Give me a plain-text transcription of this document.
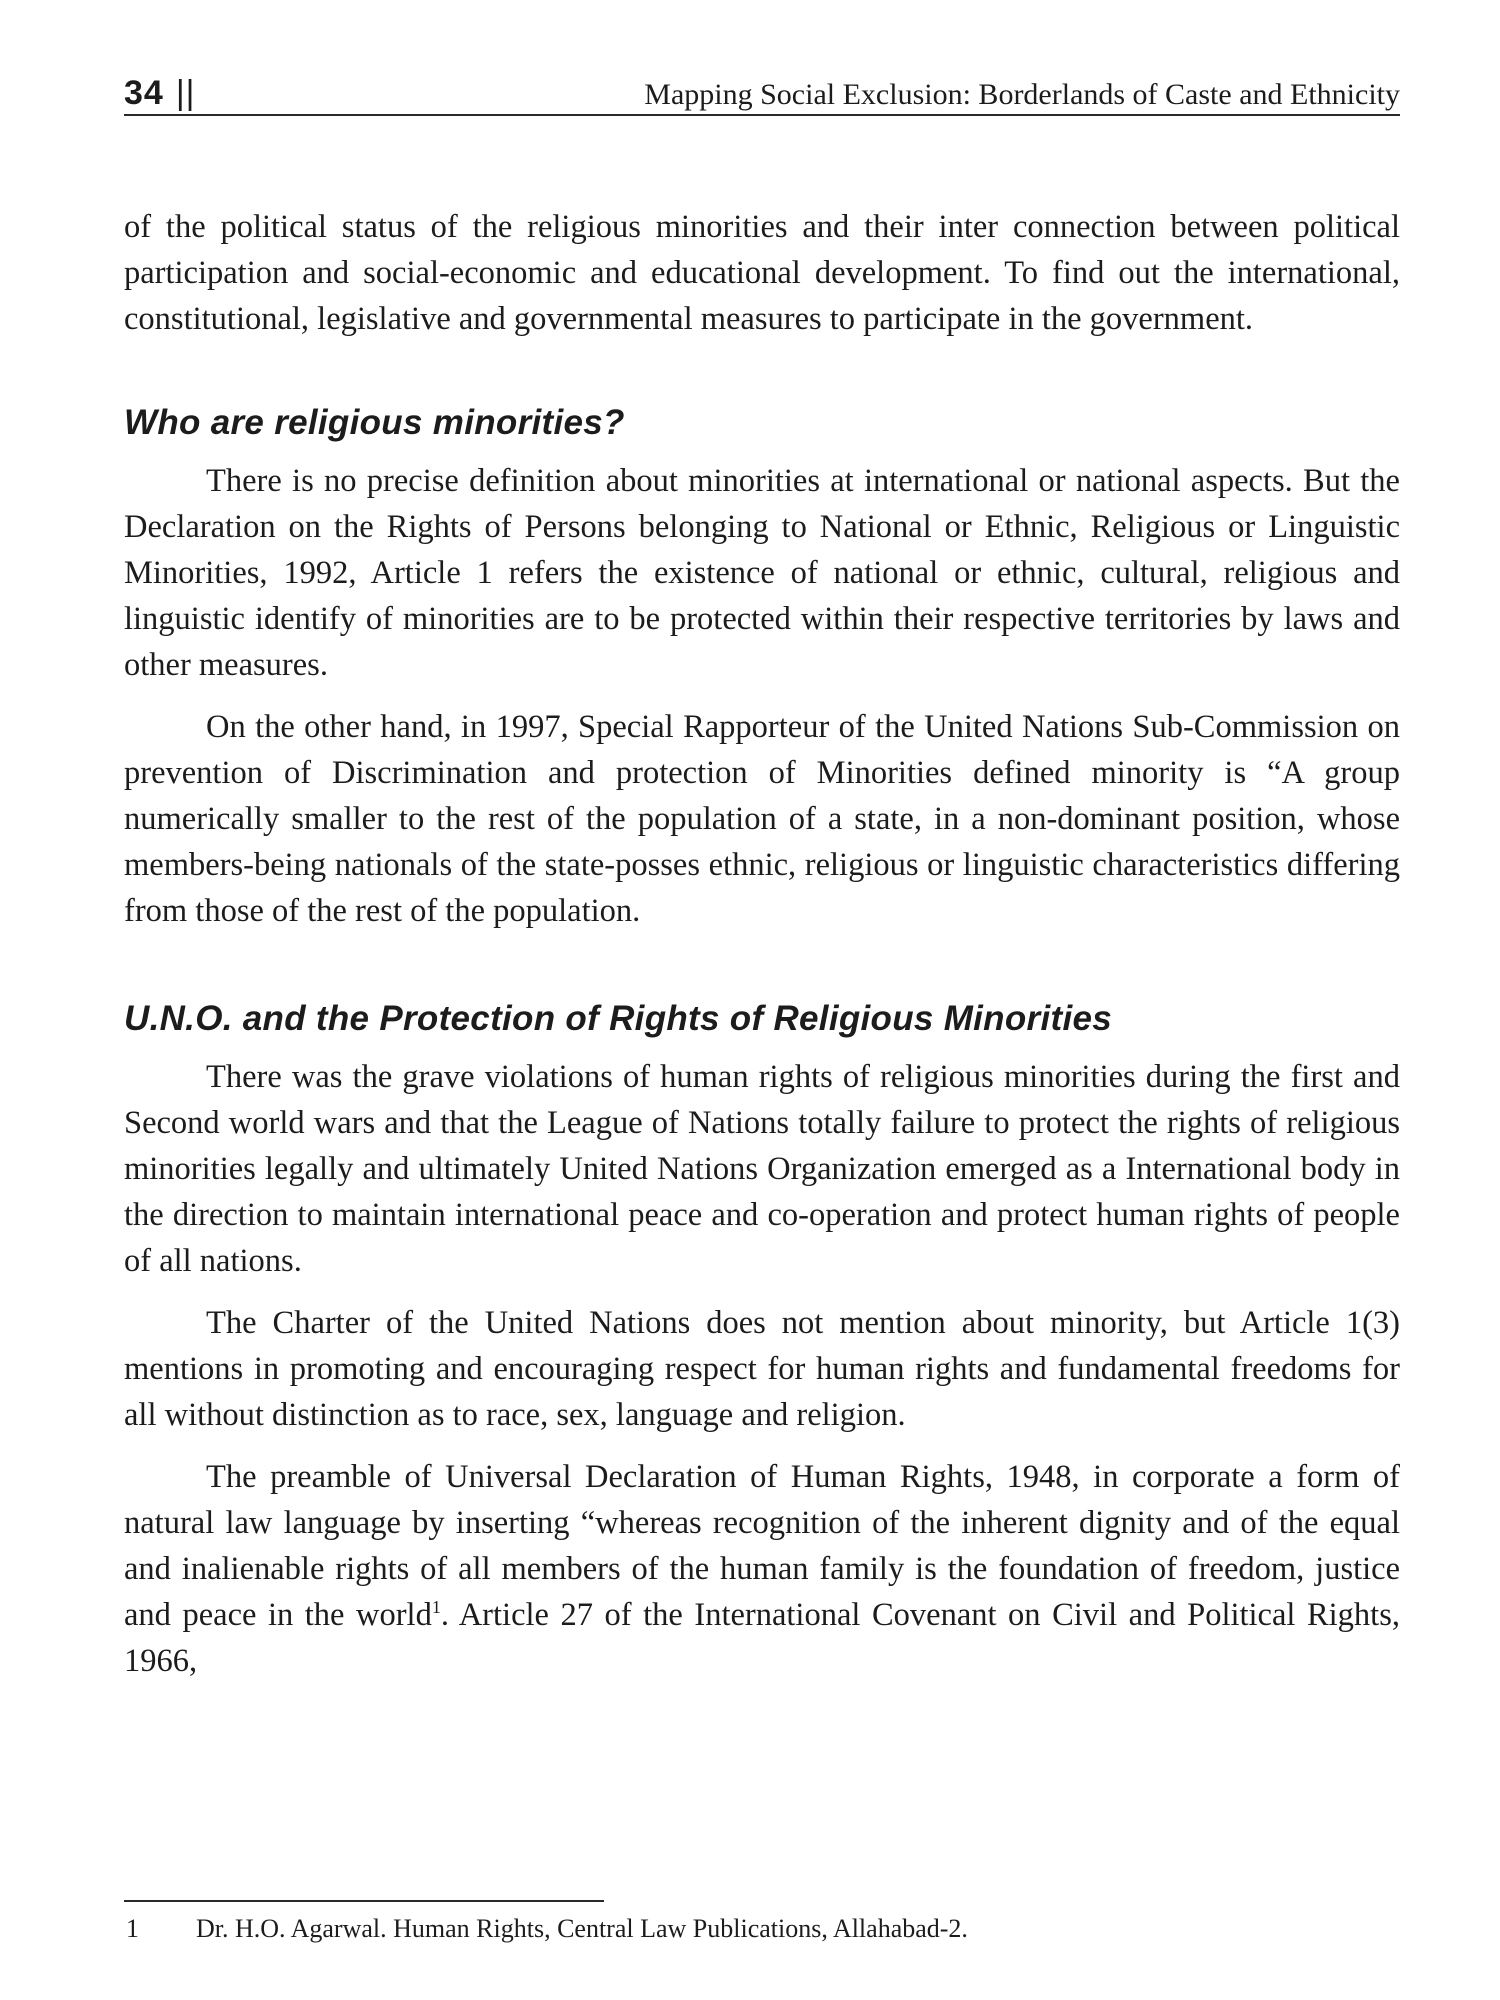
34 ||	Mapping Social Exclusion: Borderlands of Caste and Ethnicity

of the political status of the religious minorities and their inter connection between political participation and social-economic and educational development. To find out the international, constitutional, legislative and governmental measures to participate in the government.

Who are religious minorities?

There is no precise definition about minorities at international or national aspects. But the Declaration on the Rights of Persons belonging to National or Ethnic, Religious or Linguistic Minorities, 1992, Article 1 refers the existence of national or ethnic, cultural, religious and linguistic identify of minorities are to be protected within their respective territories by laws and other measures.

On the other hand, in 1997, Special Rapporteur of the United Nations Sub-Commission on prevention of Discrimination and protection of Minorities defined minority is “A group numerically smaller to the rest of the population of a state, in a non-dominant position, whose members-being nationals of the state-posses ethnic, religious or linguistic characteristics differing from those of the rest of the population.

U.N.O. and the Protection of Rights of Religious Minorities

There was the grave violations of human rights of religious minorities during the first and Second world wars and that the League of Nations totally failure to protect the rights of religious minorities legally and ultimately United Nations Organization emerged as a International body in the direction to maintain international peace and co-operation and protect human rights of people of all nations.

The Charter of the United Nations does not mention about minority, but Article 1(3) mentions in promoting and encouraging respect for human rights and fundamental freedoms for all without distinction as to race, sex, language and religion.

The preamble of Universal Declaration of Human Rights, 1948, in corporate a form of natural law language by inserting “whereas recognition of the inherent dignity and of the equal and inalienable rights of all members of the human family is the foundation of freedom, justice and peace in the world$^1$. Article 27 of the International Covenant on Civil and Political Rights, 1966,

1	Dr. H.O. Agarwal. Human Rights, Central Law Publications, Allahabad-2.
